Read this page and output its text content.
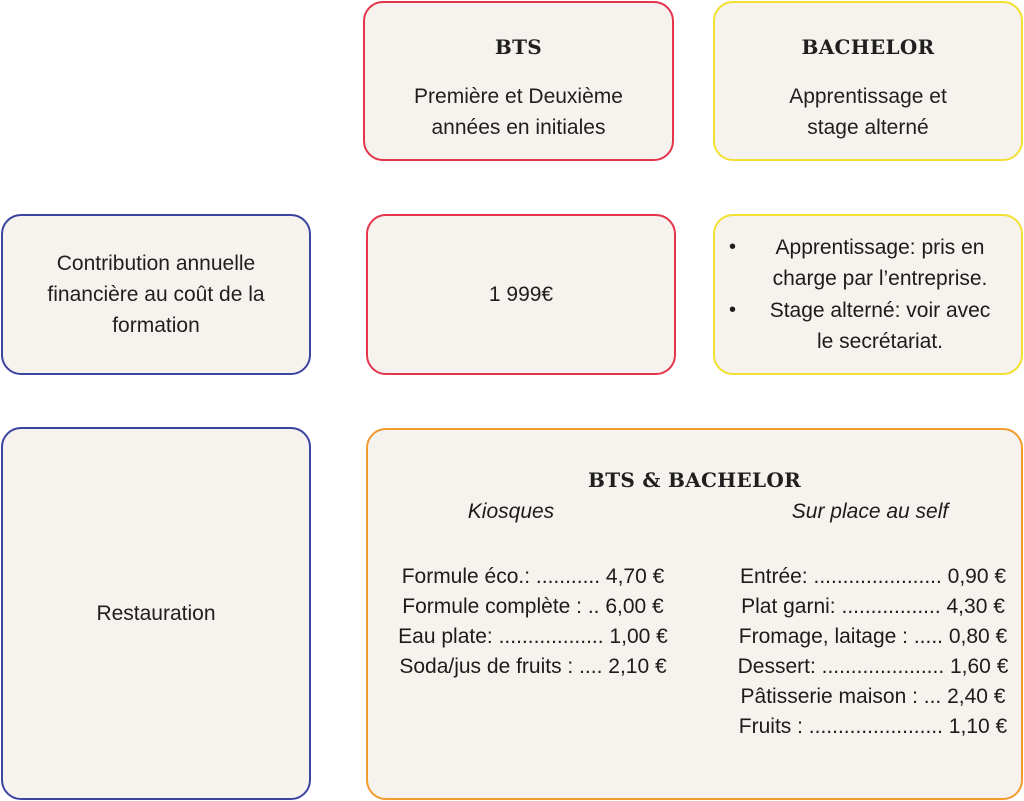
BTS
Première et Deuxième
années en initiales
BACHELOR
Apprentissage et
stage alterné
Contribution annuelle
financière au coût de la
formation
1 999€
•	Apprentissage: pris en
charge par l’entreprise.
•	Stage alterné: voir avec
le secrétariat.
Restauration
BTS & BACHELOR
Kiosques
Formule éco.: ........... 4,70 €
Formule complète : .. 6,00 €
Eau plate: .................. 1,00 €
Soda/jus de fruits : .... 2,10 €
Sur place au self
Entrée: ...................... 0,90 €
Plat garni: ................. 4,30 €
Fromage, laitage : ..... 0,80 €
Dessert: ..................... 1,60 €
Pâtisserie maison : ... 2,40 €
Fruits : ....................... 1,10 €
